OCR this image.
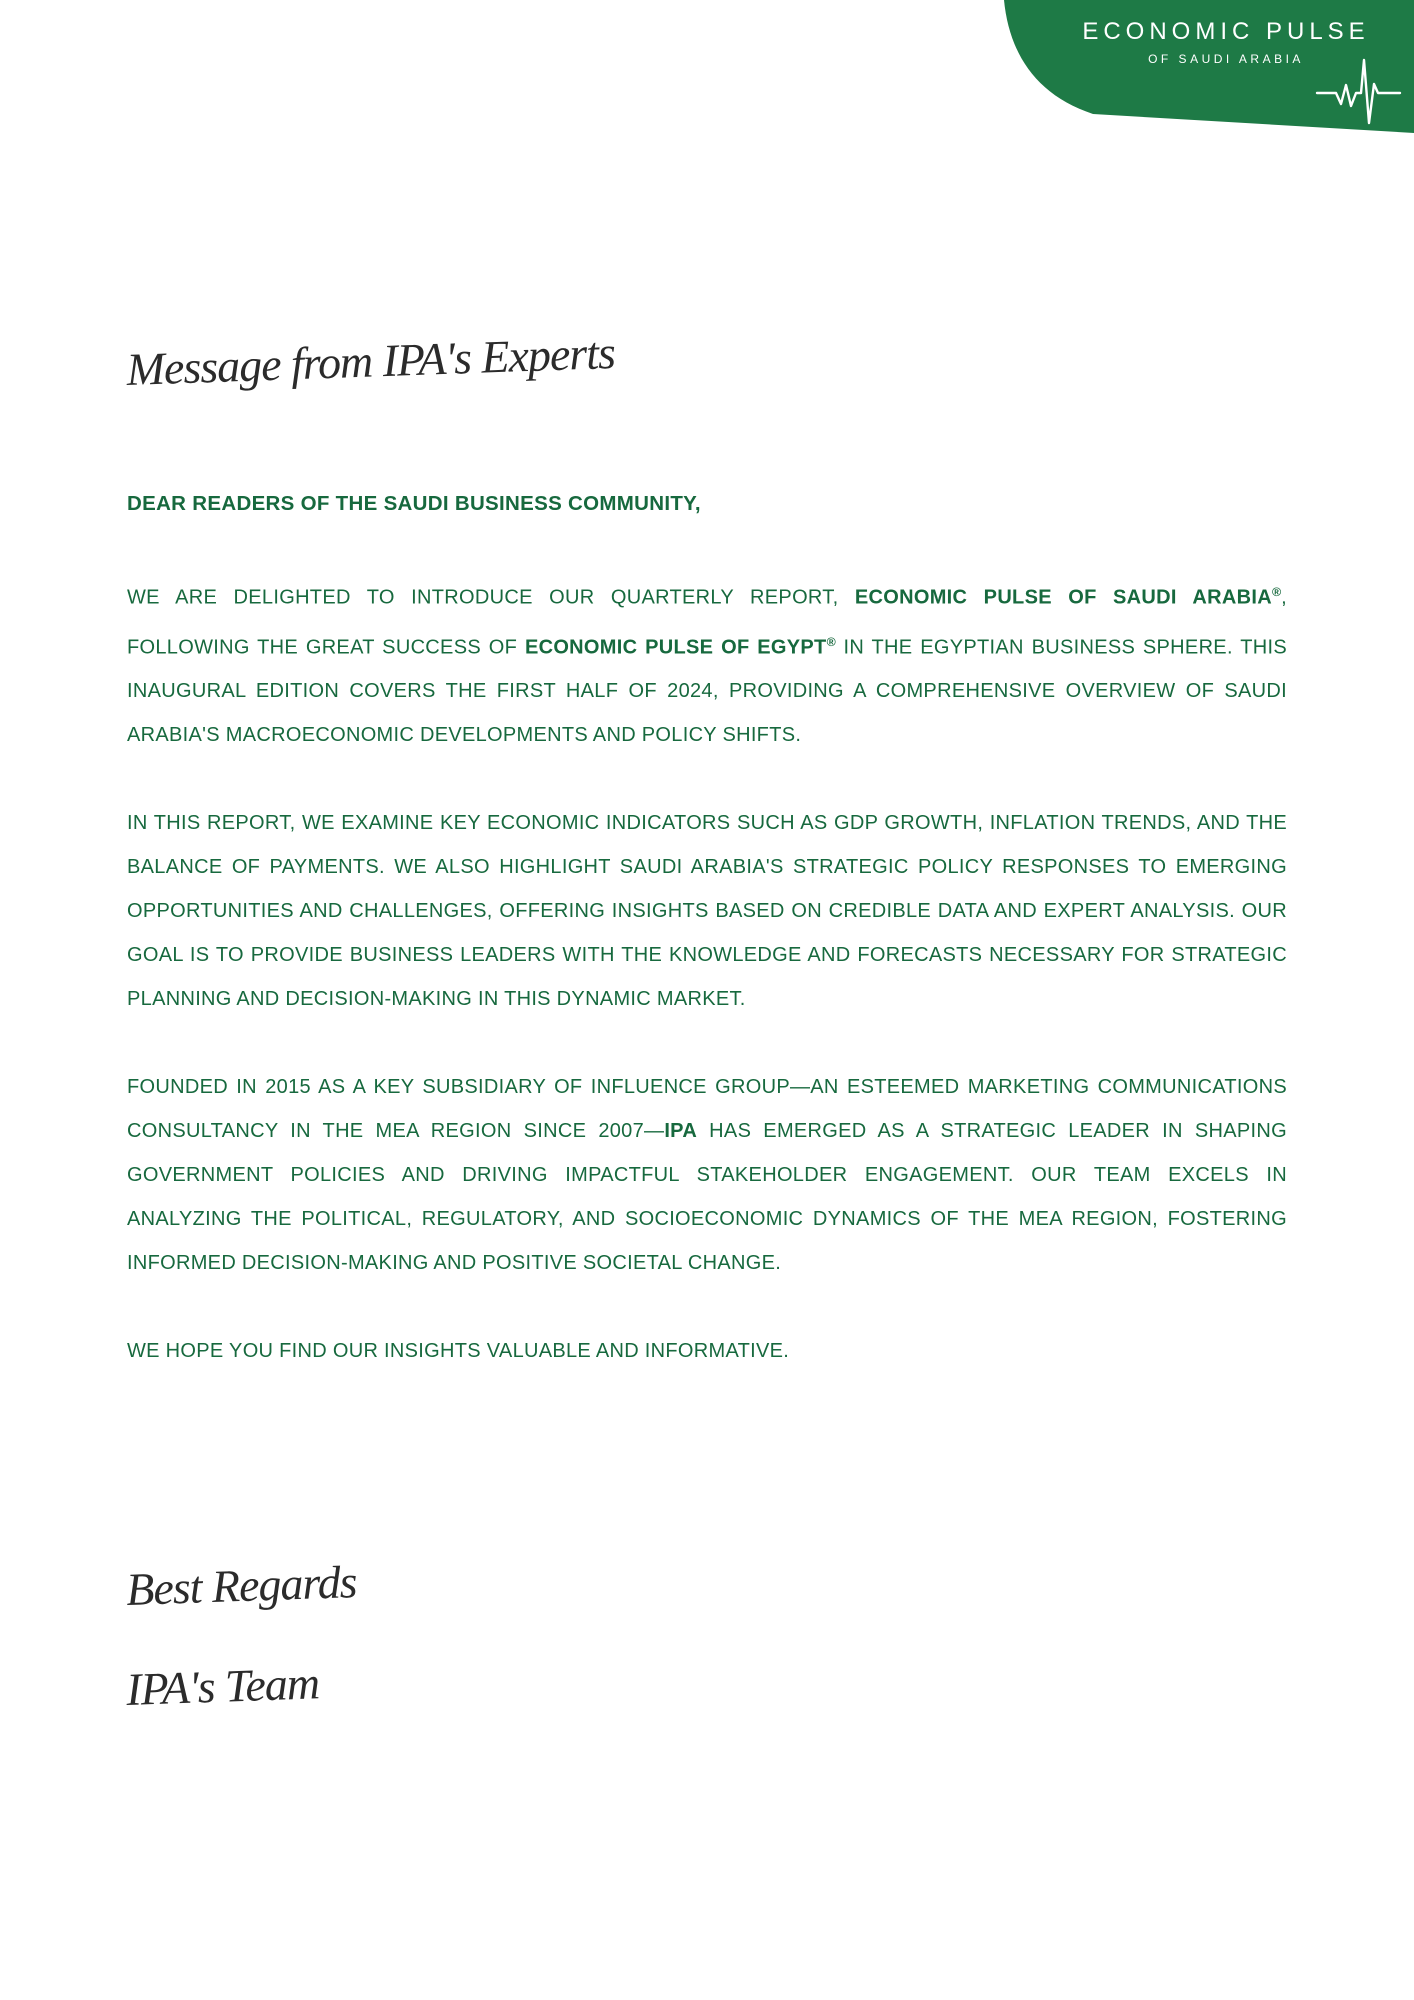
ECONOMIC PULSE
OF SAUDI ARABIA
Message from IPA's Experts

DEAR READERS OF THE SAUDI BUSINESS COMMUNITY,

WE ARE DELIGHTED TO INTRODUCE OUR QUARTERLY REPORT, ECONOMIC PULSE OF SAUDI ARABIA®, FOLLOWING THE GREAT SUCCESS OF ECONOMIC PULSE OF EGYPT® IN THE EGYPTIAN BUSINESS SPHERE. THIS INAUGURAL EDITION COVERS THE FIRST HALF OF 2024, PROVIDING A COMPREHENSIVE OVERVIEW OF SAUDI ARABIA'S MACROECONOMIC DEVELOPMENTS AND POLICY SHIFTS.

IN THIS REPORT, WE EXAMINE KEY ECONOMIC INDICATORS SUCH AS GDP GROWTH, INFLATION TRENDS, AND THE BALANCE OF PAYMENTS. WE ALSO HIGHLIGHT SAUDI ARABIA'S STRATEGIC POLICY RESPONSES TO EMERGING OPPORTUNITIES AND CHALLENGES, OFFERING INSIGHTS BASED ON CREDIBLE DATA AND EXPERT ANALYSIS. OUR GOAL IS TO PROVIDE BUSINESS LEADERS WITH THE KNOWLEDGE AND FORECASTS NECESSARY FOR STRATEGIC PLANNING AND DECISION-MAKING IN THIS DYNAMIC MARKET.

FOUNDED IN 2015 AS A KEY SUBSIDIARY OF INFLUENCE GROUP—AN ESTEEMED MARKETING COMMUNICATIONS CONSULTANCY IN THE MEA REGION SINCE 2007—IPA HAS EMERGED AS A STRATEGIC LEADER IN SHAPING GOVERNMENT POLICIES AND DRIVING IMPACTFUL STAKEHOLDER ENGAGEMENT. OUR TEAM EXCELS IN ANALYZING THE POLITICAL, REGULATORY, AND SOCIOECONOMIC DYNAMICS OF THE MEA REGION, FOSTERING INFORMED DECISION-MAKING AND POSITIVE SOCIETAL CHANGE.

WE HOPE YOU FIND OUR INSIGHTS VALUABLE AND INFORMATIVE.

Best Regards
IPA's Team
